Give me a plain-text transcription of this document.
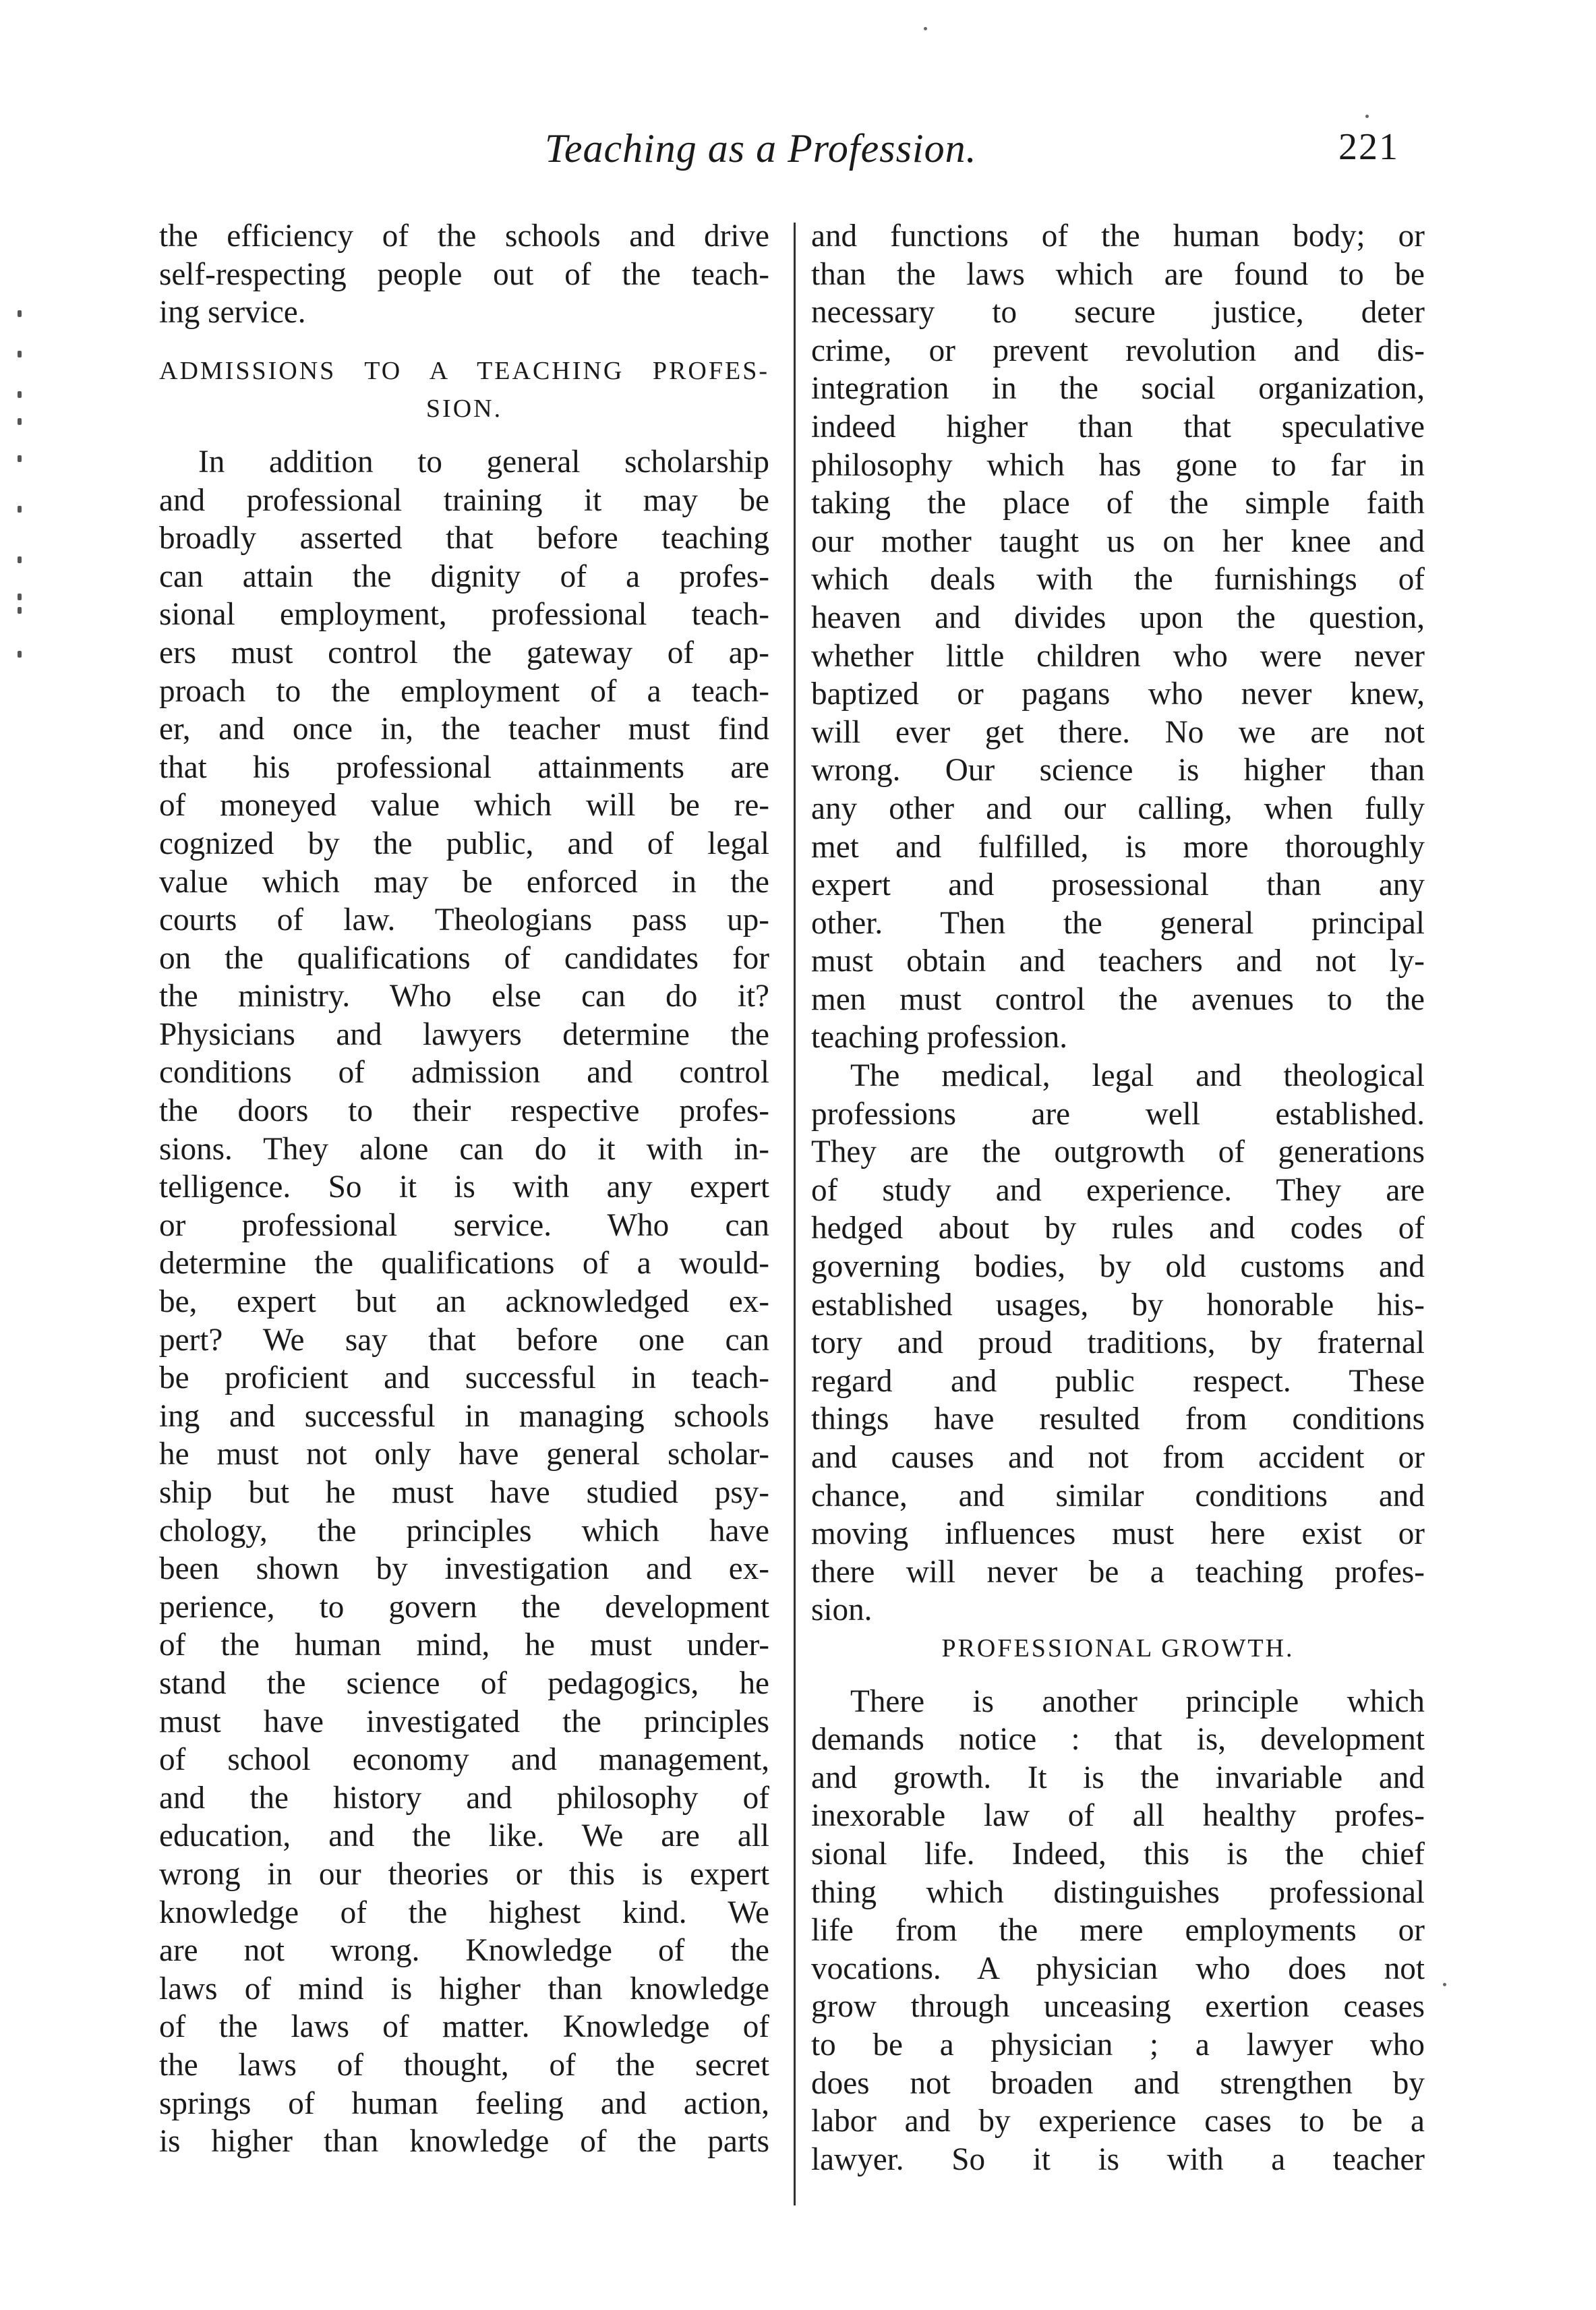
Teaching as a Profession.	221
the efficiency of the schools and drive
self-respecting people out of the teach-
ing service.
ADMISSIONS TO A TEACHING PROFES-
SION.
In addition to general scholarship
and professional training it may be
broadly asserted that before teaching
can attain the dignity of a profes-
sional employment, professional teach-
ers must control the gateway of ap-
proach to the employment of a teach-
er, and once in, the teacher must find
that his professional attainments are
of moneyed value which will be re-
cognized by the public, and of legal
value which may be enforced in the
courts of law. Theologians pass up-
on the qualifications of candidates for
the ministry. Who else can do it?
Physicians and lawyers determine the
conditions of admission and control
the doors to their respective profes-
sions. They alone can do it with in-
telligence. So it is with any expert
or professional service. Who can
determine the qualifications of a would-
be, expert but an acknowledged ex-
pert? We say that before one can
be proficient and successful in teach-
ing and successful in managing schools
he must not only have general scholar-
ship but he must have studied psy-
chology, the principles which have
been shown by investigation and ex-
perience, to govern the development
of the human mind, he must under-
stand the science of pedagogics, he
must have investigated the principles
of school economy and management,
and the history and philosophy of
education, and the like. We are all
wrong in our theories or this is expert
knowledge of the highest kind. We
are not wrong. Knowledge of the
laws of mind is higher than knowledge
of the laws of matter. Knowledge of
the laws of thought, of the secret
springs of human feeling and action,
is higher than knowledge of the parts
and functions of the human body; or
than the laws which are found to be
necessary to secure justice, deter
crime, or prevent revolution and dis-
integration in the social organization,
indeed higher than that speculative
philosophy which has gone to far in
taking the place of the simple faith
our mother taught us on her knee and
which deals with the furnishings of
heaven and divides upon the question,
whether little children who were never
baptized or pagans who never knew,
will ever get there. No we are not
wrong. Our science is higher than
any other and our calling, when fully
met and fulfilled, is more thoroughly
expert and prosessional than any
other. Then the general principal
must obtain and teachers and not ly-
men must control the avenues to the
teaching profession.
The medical, legal and theological
professions are well established.
They are the outgrowth of generations
of study and experience. They are
hedged about by rules and codes of
governing bodies, by old customs and
established usages, by honorable his-
tory and proud traditions, by fraternal
regard and public respect. These
things have resulted from conditions
and causes and not from accident or
chance, and similar conditions and
moving influences must here exist or
there will never be a teaching profes-
sion.
PROFESSIONAL GROWTH.
There is another principle which
demands notice : that is, development
and growth. It is the invariable and
inexorable law of all healthy profes-
sional life. Indeed, this is the chief
thing which distinguishes professional
life from the mere employments or
vocations. A physician who does not
grow through unceasing exertion ceases
to be a physician ; a lawyer who
does not broaden and strengthen by
labor and by experience cases to be a
lawyer. So it is with a teacher
